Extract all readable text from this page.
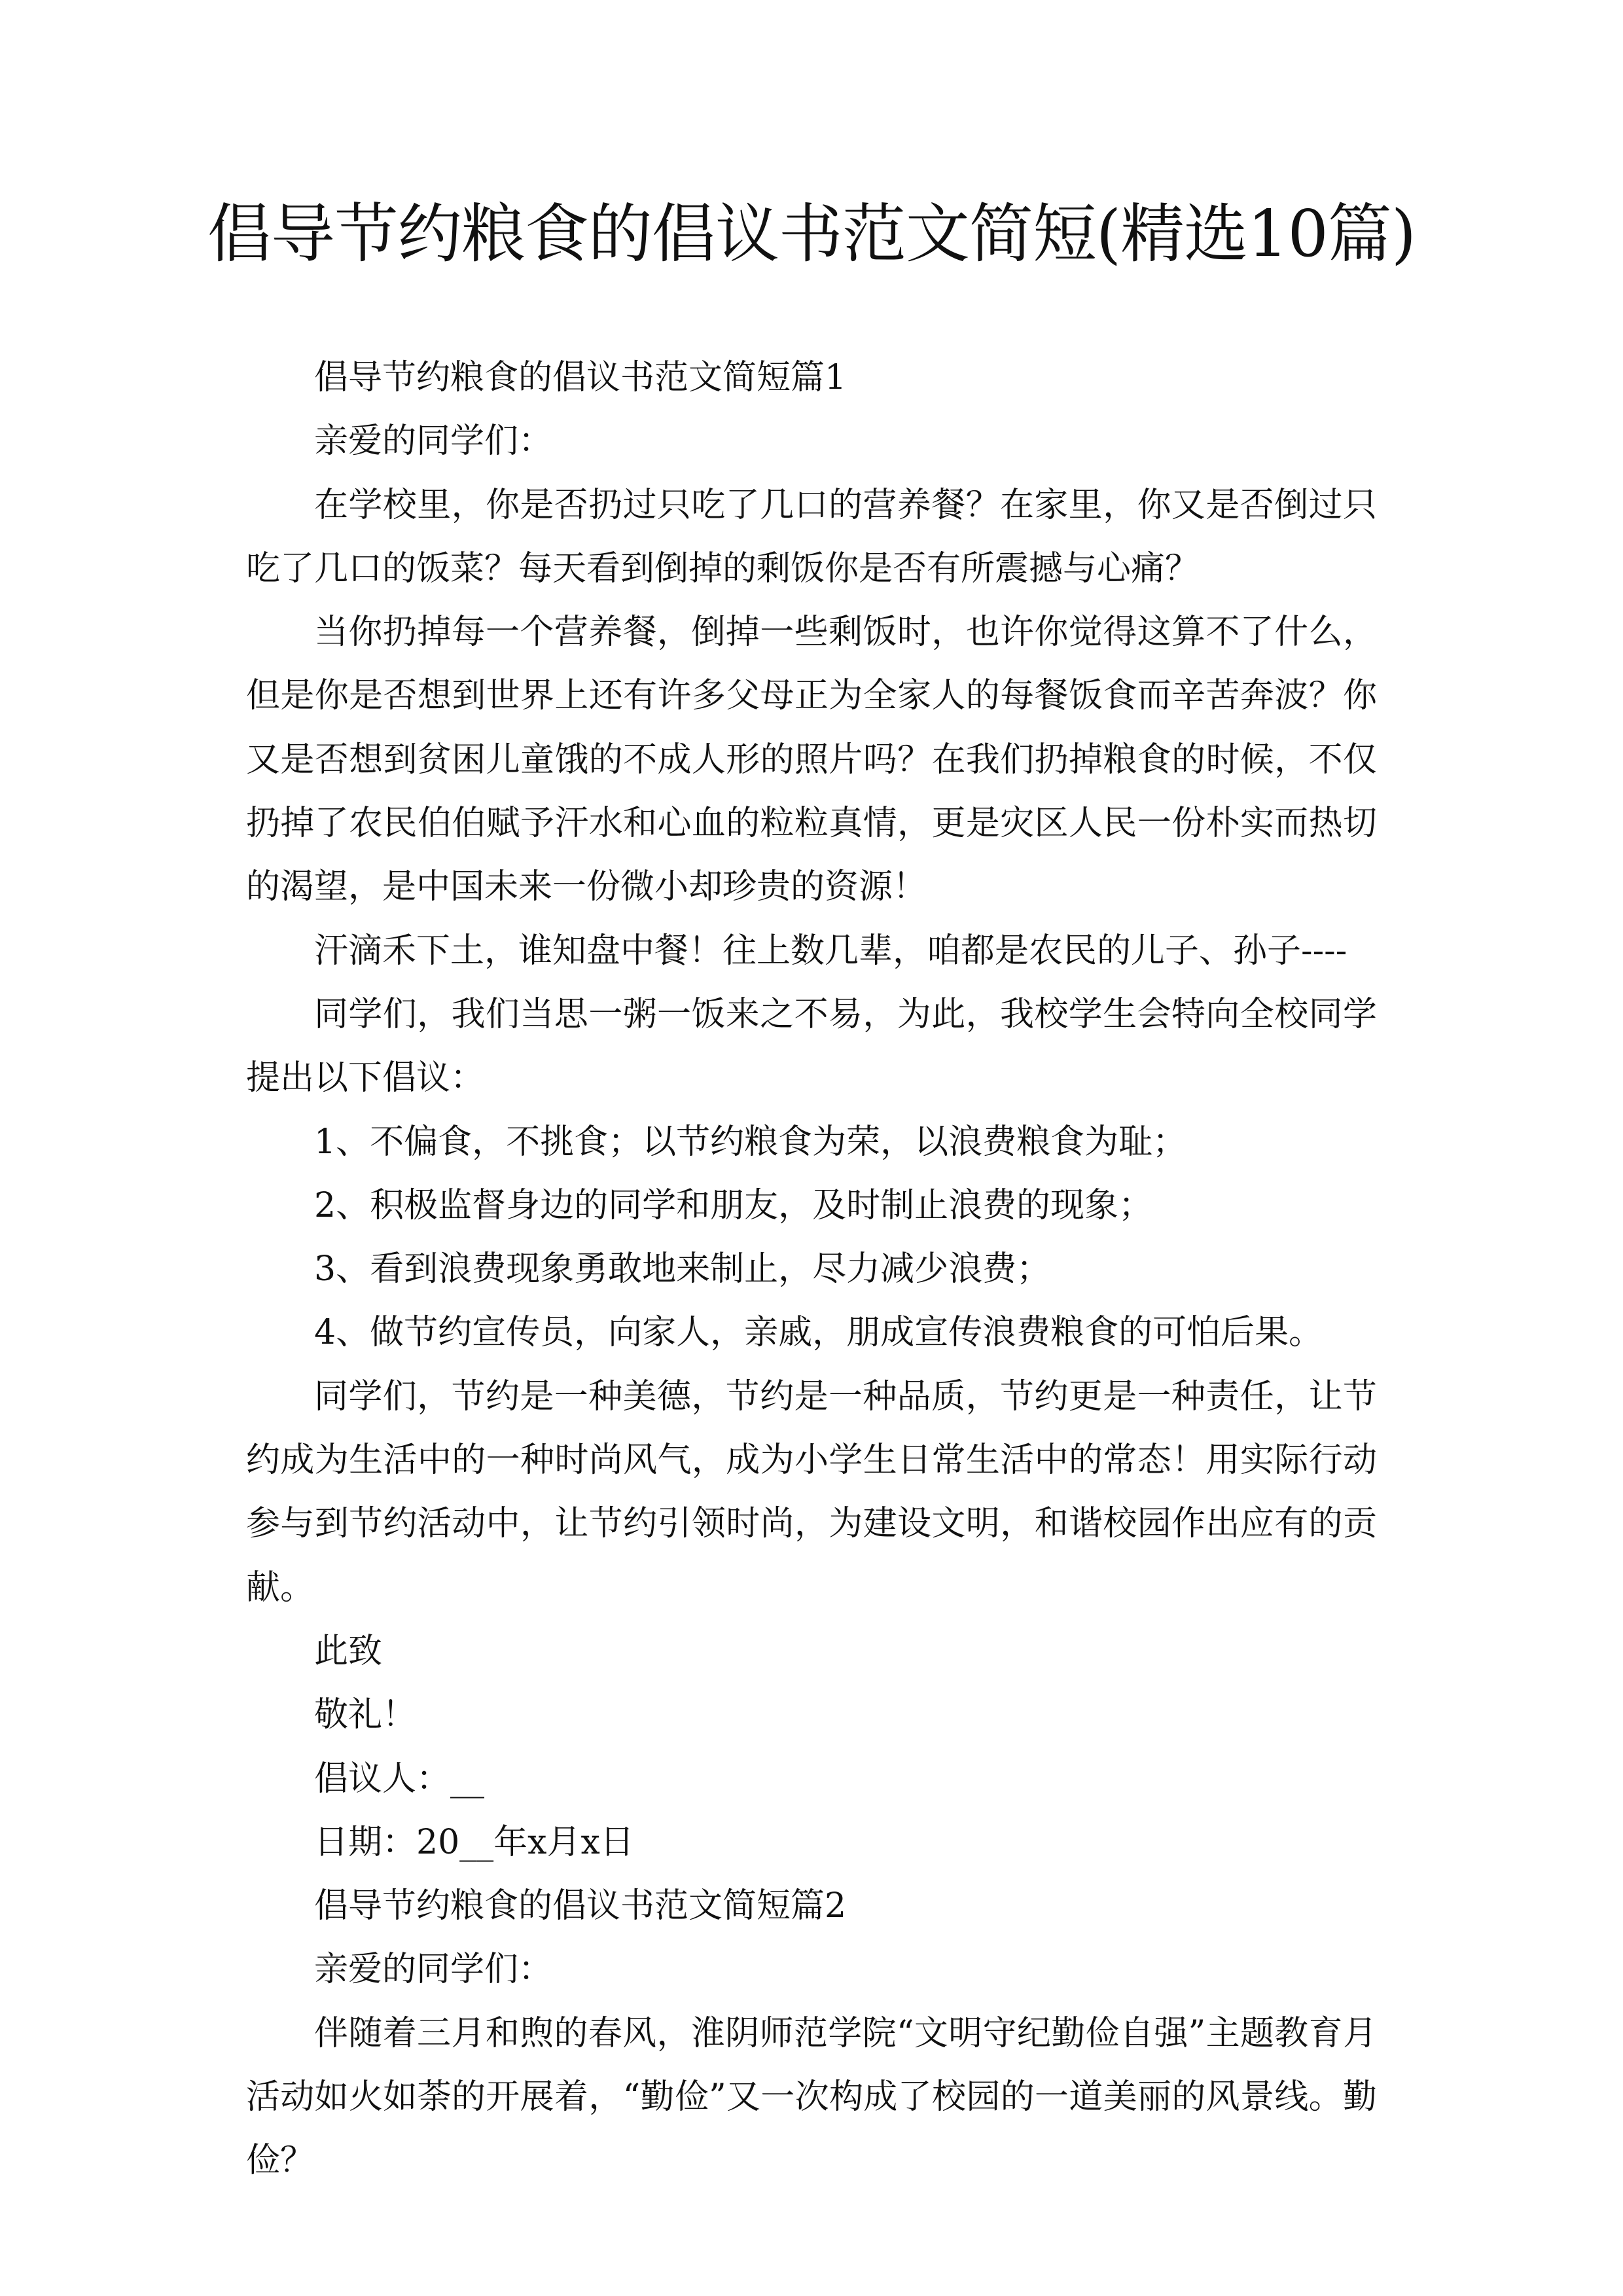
倡导节约粮食的倡议书范文简短(精选10篇)

倡导节约粮食的倡议书范文简短篇1

亲爱的同学们：

在学校里，你是否扔过只吃了几口的营养餐？在家里，你又是否倒过只吃了几口的饭菜？每天看到倒掉的剩饭你是否有所震撼与心痛？

当你扔掉每一个营养餐，倒掉一些剩饭时，也许你觉得这算不了什么，但是你是否想到世界上还有许多父母正为全家人的每餐饭食而辛苦奔波？你又是否想到贫困儿童饿的不成人形的照片吗？在我们扔掉粮食的时候，不仅扔掉了农民伯伯赋予汗水和心血的粒粒真情，更是灾区人民一份朴实而热切的渴望，是中国未来一份微小却珍贵的资源！

汗滴禾下土，谁知盘中餐！往上数几辈，咱都是农民的儿子、孙子----

同学们，我们当思一粥一饭来之不易，为此，我校学生会特向全校同学提出以下倡议：

1、不偏食，不挑食；以节约粮食为荣，以浪费粮食为耻；

2、积极监督身边的同学和朋友，及时制止浪费的现象；

3、看到浪费现象勇敢地来制止，尽力减少浪费；

4、做节约宣传员，向家人，亲戚，朋成宣传浪费粮食的可怕后果。

同学们，节约是一种美德，节约是一种品质，节约更是一种责任，让节约成为生活中的一种时尚风气，成为小学生日常生活中的常态！用实际行动参与到节约活动中，让节约引领时尚，为建设文明，和谐校园作出应有的贡献。

此致

敬礼！

倡议人：__

日期：20__年x月x日

倡导节约粮食的倡议书范文简短篇2

亲爱的同学们：

伴随着三月和煦的春风，淮阴师范学院“文明守纪勤俭自强”主题教育月活动如火如荼的开展着，“勤俭”又一次构成了校园的一道美丽的风景线。勤俭？
